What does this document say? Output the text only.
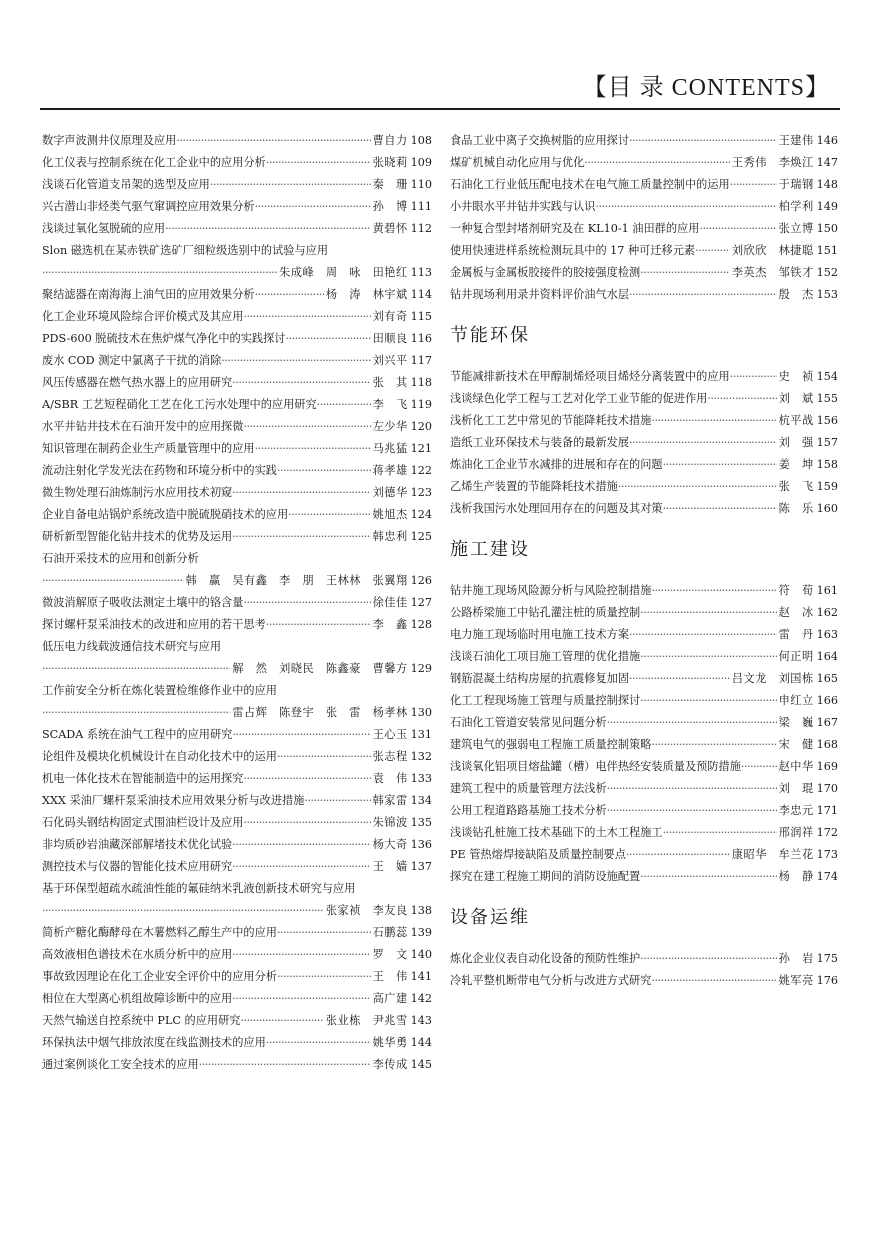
【目 录 CONTENTS】
数字声波测井仪原理及应用 ·····	曹自力 108
化工仪表与控制系统在化工企业中的应用分析 ·····	张晓莉 109
浅谈石化管道支吊架的选型及应用 ·····	秦　珊 110
兴古潜山非烃类气驱气窜调控应用效果分析 ·····	孙　博 111
浅谈过氧化氢脱硫的应用 ·····	黄碧怀 112
Slon 磁选机在某赤铁矿选矿厂细粒级选别中的试验与应用
·····
朱成峰　周　咏　田艳红 113
聚结滤器在南海海上油气田的应用效果分析 ·····	杨　涛　林宇斌 114
化工企业环境风险综合评价模式及其应用 ·····	刘有奇 115
PDS-600 脱硫技术在焦炉煤气净化中的实践探讨 ·····	田顺良 116
废水 COD 测定中氯离子干扰的消除 ·····	刘兴平 117
风压传感器在燃气热水器上的应用研究 ·····	张　其 118
A/SBR 工艺短程硝化工艺在化工污水处理中的应用研究 ·····	李　飞 119
水平井钻井技术在石油开发中的应用探微 ·····	左少华 120
知识管理在制药企业生产质量管理中的应用 ·····	马兆猛 121
流动注射化学发光法在药物和环境分析中的实践 ·····	蒋孝雄 122
微生物处理石油炼制污水应用技术初窥 ·····	刘德华 123
企业自备电站锅炉系统改造中脱硫脱硝技术的应用 ·····	姚旭杰 124
研析新型智能化钻井技术的优势及运用 ·····	韩忠利 125
石油开采技术的应用和创新分析
·····
韩　赢　吴有鑫　李　朋　王林林　张翼翔 126
微波消解原子吸收法测定土壤中的铬含量 ·····	徐佳佳 127
探讨螺杆泵采油技术的改进和应用的若干思考 ·····	李　鑫 128
低压电力线载波通信技术研究与应用
·····
解　然　刘晓民　陈鑫豪　曹馨方 129
工作前安全分析在炼化装置检维修作业中的应用
·····
雷占辉　陈登宇　张　雷　杨孝林 130
SCADA 系统在油气工程中的应用研究 ·····	王心玉 131
论组件及模块化机械设计在自动化技术中的运用 ·····	张志程 132
机电一体化技术在智能制造中的运用探究 ·····	袁　伟 133
XXX 采油厂螺杆泵采油技术应用效果分析与改进措施 ·····	韩家雷 134
石化码头钢结构固定式围油栏设计及应用 ·····	朱锦波 135
非均质砂岩油藏深部解堵技术优化试验 ·····	杨大奇 136
测控技术与仪器的智能化技术应用研究 ·····	王　嫱 137
基于环保型超疏水疏油性能的氟硅纳米乳液创新技术研究与应用
·····
张家祯　李友良 138
简析产糖化酶酵母在木薯燃料乙醇生产中的应用 ·····	石鹏蕊 139
高效液相色谱技术在水质分析中的应用 ·····	罗　文 140
事故致因理论在化工企业安全评价中的应用分析 ·····	王　伟 141
相位在大型离心机组故障诊断中的应用 ·····	高广建 142
天然气输送自控系统中 PLC 的应用研究 ·····	张业栋　尹兆雪 143
环保执法中烟气排放浓度在线监测技术的应用 ·····	姚华勇 144
通过案例谈化工安全技术的应用 ·····	李传成 145
食品工业中离子交换树脂的应用探讨 ·····	王建伟 146
煤矿机械自动化应用与优化 ·····	王秀伟　李焕江 147
石油化工行业低压配电技术在电气施工质量控制中的运用 ·····	于瑞钢 148
小井眼水平井钻井实践与认识 ·····	柏学利 149
一种复合型封堵剂研究及在 KL10-1 油田群的应用 ·····	张立博 150
使用快速进样系统检测玩具中的 17 种可迁移元素 ·····	刘欣欣　林捷聪 151
金属板与金属板胶接件的胶接强度检测 ·····	李英杰　邹铁才 152
钻井现场利用录井资料评价油气水层 ·····	殷　杰 153
节能环保
节能减排新技术在甲醇制烯烃项目烯烃分离装置中的应用 ·····	史　祯 154
浅谈绿色化学工程与工艺对化学工业节能的促进作用 ·····	刘　斌 155
浅析化工工艺中常见的节能降耗技术措施 ·····	杭平战 156
造纸工业环保技术与装备的最新发展 ·····	刘　强 157
炼油化工企业节水减排的进展和存在的问题 ·····	姜　坤 158
乙烯生产装置的节能降耗技术措施 ·····	张　飞 159
浅析我国污水处理回用存在的问题及其对策 ·····	陈　乐 160
施工建设
钻井施工现场风险源分析与风险控制措施 ·····	符　荀 161
公路桥梁施工中钻孔灌注桩的质量控制 ·····	赵　冰 162
电力施工现场临时用电施工技术方案 ·····	雷　丹 163
浅谈石油化工项目施工管理的优化措施 ·····	何正明 164
钢筋混凝土结构房屋的抗震修复加固 ·····	吕文龙　刘国栋 165
化工工程现场施工管理与质量控制探讨 ·····	申红立 166
石油化工管道安装常见问题分析 ·····	梁　巍 167
建筑电气的强弱电工程施工质量控制策略 ·····	宋　健 168
浅谈氧化铝项目熔盐罐（槽）电伴热经安装质量及预防措施 ·····	赵中华 169
建筑工程中的质量管理方法浅析 ·····	刘　琨 170
公用工程道路路基施工技术分析 ·····	李忠元 171
浅谈钻孔桩施工技术基础下的土木工程施工 ·····	邢润祥 172
PE 管热熔焊接缺陷及质量控制要点 ·····	康昭华　牟兰花 173
探究在建工程施工期间的消防设施配置 ·····	杨　静 174
设备运维
炼化企业仪表自动化设备的预防性维护 ·····	孙　岩 175
冷轧平整机断带电气分析与改进方式研究 ·····	姚军亮 176
